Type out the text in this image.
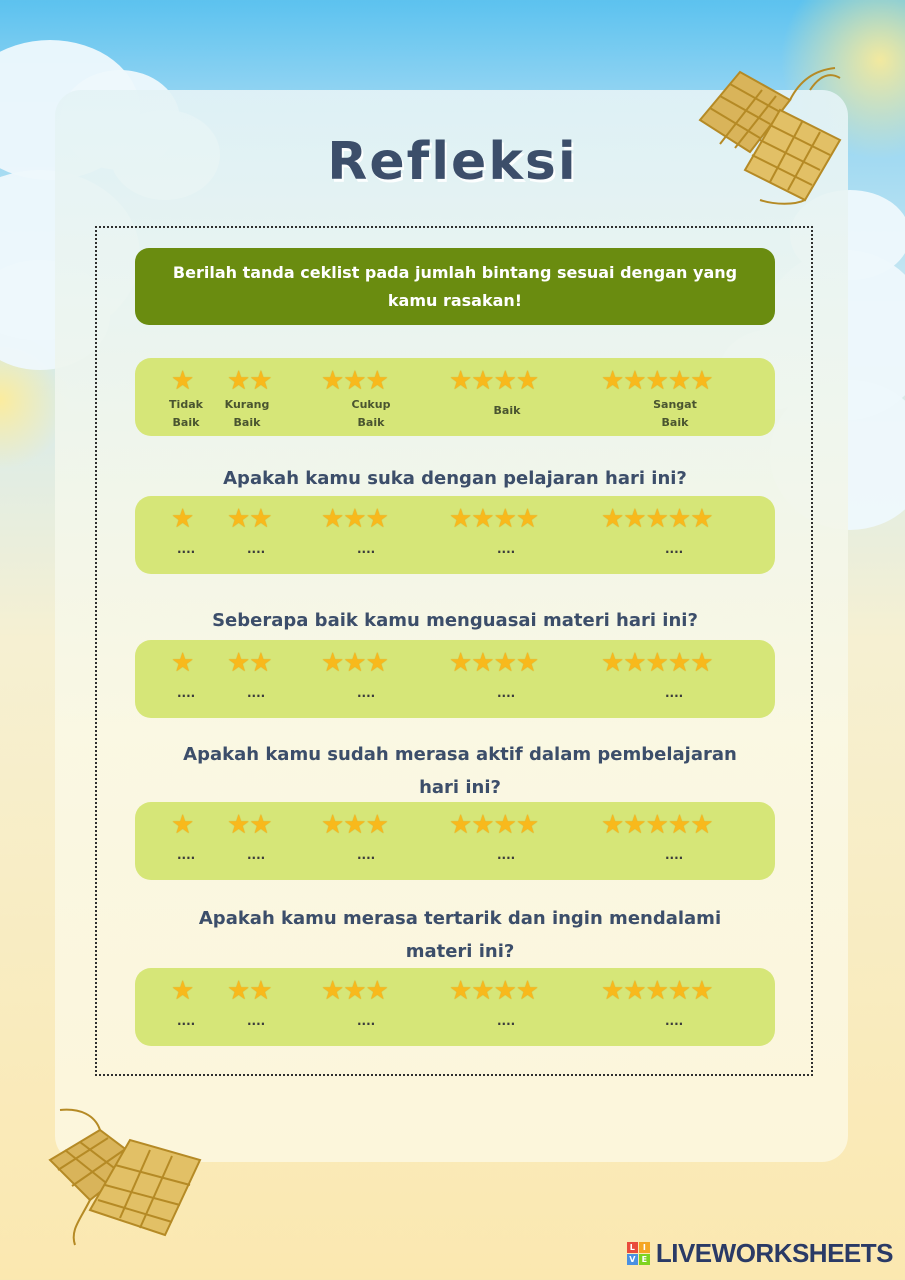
Refleksi
Berilah tanda ceklist pada jumlah bintang sesuai dengan yang kamu rasakan!
★
Tidak
Baik
★★
Kurang
Baik
★★★
Cukup
Baik
★★★★
Baik
★★★★★
Sangat
Baik
Apakah kamu suka dengan pelajaran hari ini?
★
....
★★
....
★★★
....
★★★★
....
★★★★★
....
Seberapa baik kamu menguasai materi hari ini?
★
....
★★
....
★★★
....
★★★★
....
★★★★★
....
Apakah kamu sudah merasa aktif dalam pembelajaran hari ini?
★
....
★★
....
★★★
....
★★★★
....
★★★★★
....
Apakah kamu merasa tertarik dan ingin mendalami materi ini?
★
....
★★
....
★★★
....
★★★★
....
★★★★★
....
L I
V E LIVEWORKSHEETS
